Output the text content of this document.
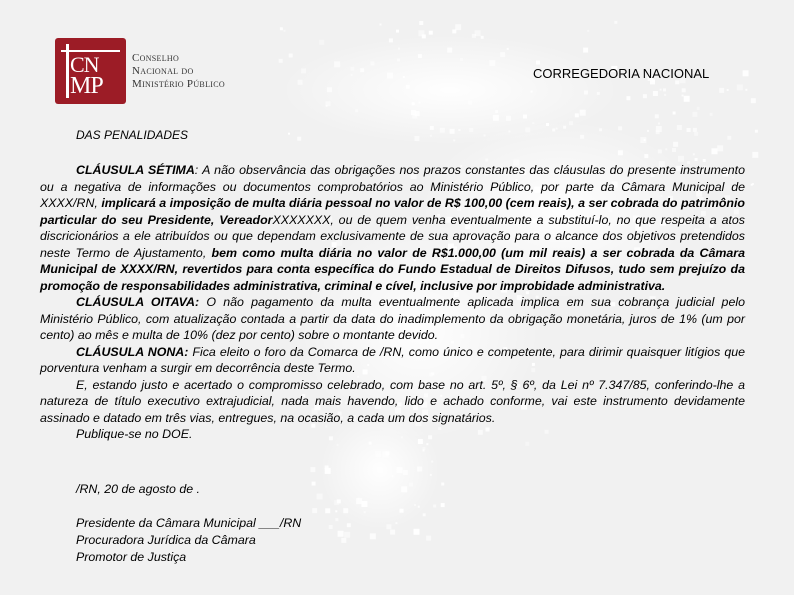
CN
MP
Conselho
Nacional do
Ministério Público
CORREGEDORIA NACIONAL
DAS PENALIDADES

CLÁUSULA SÉTIMA: A não observância das obrigações nos prazos constantes das cláusulas do presente instrumento ou a negativa de informações ou documentos comprobatórios ao Ministério Público, por parte da Câmara Municipal de XXXX/RN, implicará a imposição de multa diária pessoal no valor de R$ 100,00 (cem reais), a ser cobrada do patrimônio particular do seu Presidente, VereadorXXXXXXX, ou de quem venha eventualmente a substituí-lo, no que respeita a atos discricionários a ele atribuídos ou que dependam exclusivamente de sua aprovação para o alcance dos objetivos pretendidos neste Termo de Ajustamento, bem como multa diária no valor de R$1.000,00 (um mil reais) a ser cobrada da Câmara Municipal de XXXX/RN, revertidos para conta específica do Fundo Estadual de Direitos Difusos, tudo sem prejuízo da promoção de responsabilidades administrativa, criminal e cível, inclusive por improbidade administrativa.

CLÁUSULA OITAVA: O não pagamento da multa eventualmente aplicada implica em sua cobrança judicial pelo Ministério Público, com atualização contada a partir da data do inadimplemento da obrigação monetária, juros de 1% (um por cento) ao mês e multa de 10% (dez por cento) sobre o montante devido.

CLÁUSULA NONA: Fica eleito o foro da Comarca de /RN, como único e competente, para dirimir quaisquer litígios que porventura venham a surgir em decorrência deste Termo.

E, estando justo e acertado o compromisso celebrado, com base no art. 5º, § 6º, da Lei nº 7.347/85, conferindo-lhe a natureza de título executivo extrajudicial, nada mais havendo, lido e achado conforme, vai este instrumento devidamente assinado e datado em três vias, entregues, na ocasião, a cada um dos signatários.

Publique-se no DOE.

/RN, 20 de agosto de .
Presidente da Câmara Municipal ___/RN
Procuradora Jurídica da Câmara
Promotor de Justiça
